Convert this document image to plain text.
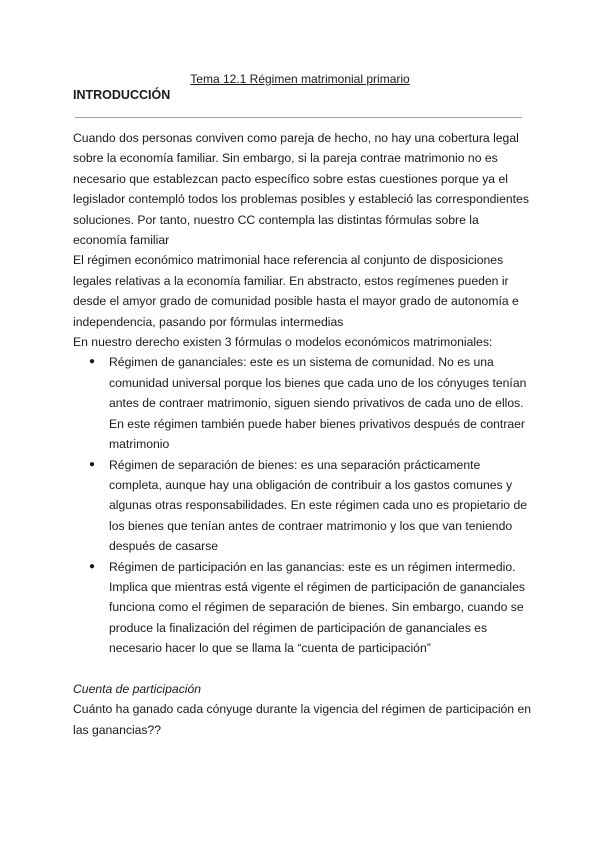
Tema 12.1 Régimen matrimonial primario
INTRODUCCIÓN

Cuando dos personas conviven como pareja de hecho, no hay una cobertura legal sobre la economía familiar. Sin embargo, si la pareja contrae matrimonio no es necesario que establezcan pacto específico sobre estas cuestiones porque ya el legislador contempló todos los problemas posibles y estableció las correspondientes soluciones. Por tanto, nuestro CC contempla las distintas fórmulas sobre la economía familiar

El régimen económico matrimonial hace referencia al conjunto de disposiciones legales relativas a la economía familiar. En abstracto, estos regímenes pueden ir desde el amyor grado de comunidad posible hasta el mayor grado de autonomía e independencia, pasando por fórmulas intermedias

En nuestro derecho existen 3 fórmulas o modelos económicos matrimoniales:

● Régimen de gananciales: este es un sistema de comunidad. No es una comunidad universal porque los bienes que cada uno de los cónyuges tenían antes de contraer matrimonio, siguen siendo privativos de cada uno de ellos. En este régimen también puede haber bienes privativos después de contraer matrimonio
● Régimen de separación de bienes: es una separación prácticamente completa, aunque hay una obligación de contribuir a los gastos comunes y algunas otras responsabilidades. En este régimen cada uno es propietario de los bienes que tenían antes de contraer matrimonio y los que van teniendo después de casarse
● Régimen de participación en las ganancias: este es un régimen intermedio. Implica que mientras está vigente el régimen de participación de gananciales funciona como el régimen de separación de bienes. Sin embargo, cuando se produce la finalización del régimen de participación de gananciales es necesario hacer lo que se llama la “cuenta de participación”

Cuenta de participación

Cuánto ha ganado cada cónyuge durante la vigencia del régimen de participación en las ganancias??
